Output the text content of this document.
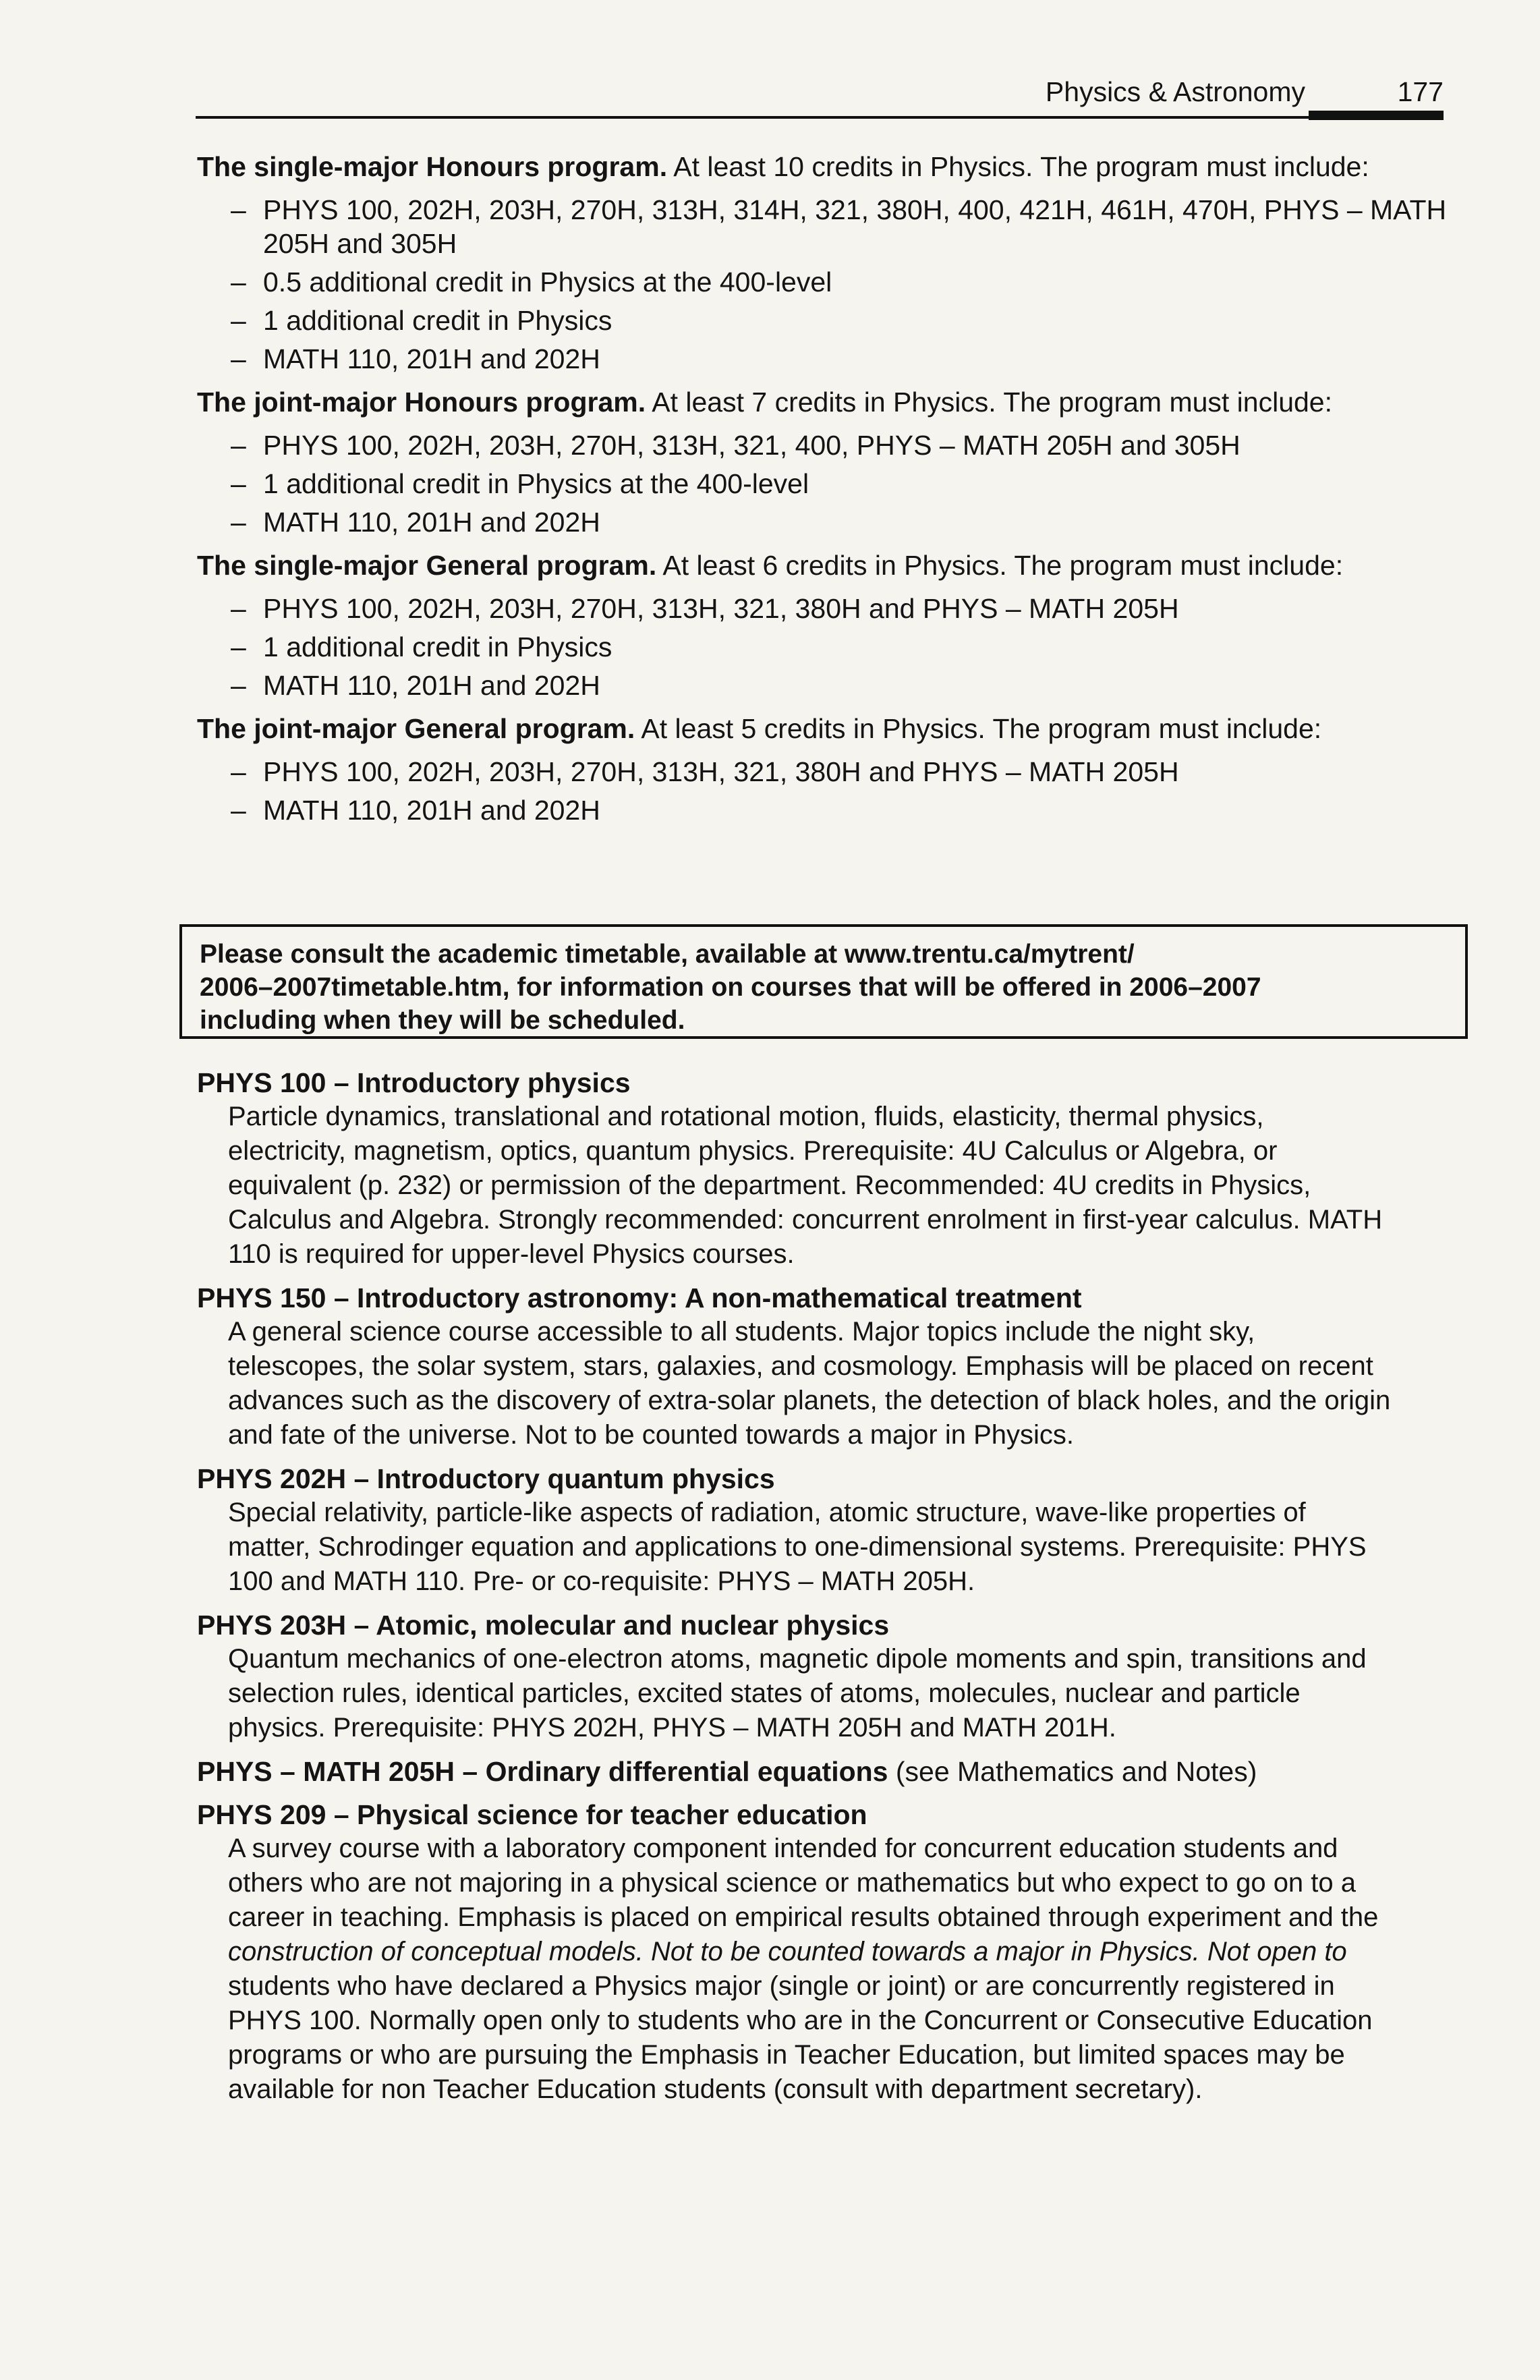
Physics & Astronomy	177
The single-major Honours program. At least 10 credits in Physics. The program must include:
– PHYS 100, 202H, 203H, 270H, 313H, 314H, 321, 380H, 400, 421H, 461H, 470H, PHYS – MATH 205H and 305H
– 0.5 additional credit in Physics at the 400-level
– 1 additional credit in Physics
– MATH 110, 201H and 202H
The joint-major Honours program. At least 7 credits in Physics. The program must include:
– PHYS 100, 202H, 203H, 270H, 313H, 321, 400, PHYS – MATH 205H and 305H
– 1 additional credit in Physics at the 400-level
– MATH 110, 201H and 202H
The single-major General program. At least 6 credits in Physics. The program must include:
– PHYS 100, 202H, 203H, 270H, 313H, 321, 380H and PHYS – MATH 205H
– 1 additional credit in Physics
– MATH 110, 201H and 202H
The joint-major General program. At least 5 credits in Physics. The program must include:
– PHYS 100, 202H, 203H, 270H, 313H, 321, 380H and PHYS – MATH 205H
– MATH 110, 201H and 202H
Please consult the academic timetable, available at www.trentu.ca/mytrent/
2006–2007timetable.htm, for information on courses that will be offered in 2006–2007
including when they will be scheduled.
PHYS 100 – Introductory physics
Particle dynamics, translational and rotational motion, fluids, elasticity, thermal physics,
electricity, magnetism, optics, quantum physics. Prerequisite: 4U Calculus or Algebra, or
equivalent (p. 232) or permission of the department. Recommended: 4U credits in Physics,
Calculus and Algebra. Strongly recommended: concurrent enrolment in first-year calculus. MATH
110 is required for upper-level Physics courses.
PHYS 150 – Introductory astronomy: A non-mathematical treatment
A general science course accessible to all students. Major topics include the night sky,
telescopes, the solar system, stars, galaxies, and cosmology. Emphasis will be placed on recent
advances such as the discovery of extra-solar planets, the detection of black holes, and the origin
and fate of the universe. Not to be counted towards a major in Physics.
PHYS 202H – Introductory quantum physics
Special relativity, particle-like aspects of radiation, atomic structure, wave-like properties of
matter, Schrodinger equation and applications to one-dimensional systems. Prerequisite: PHYS
100 and MATH 110. Pre- or co-requisite: PHYS – MATH 205H.
PHYS 203H – Atomic, molecular and nuclear physics
Quantum mechanics of one-electron atoms, magnetic dipole moments and spin, transitions and
selection rules, identical particles, excited states of atoms, molecules, nuclear and particle
physics. Prerequisite: PHYS 202H, PHYS – MATH 205H and MATH 201H.
PHYS – MATH 205H – Ordinary differential equations (see Mathematics and Notes)
PHYS 209 – Physical science for teacher education
A survey course with a laboratory component intended for concurrent education students and
others who are not majoring in a physical science or mathematics but who expect to go on to a
career in teaching. Emphasis is placed on empirical results obtained through experiment and the
construction of conceptual models. Not to be counted towards a major in Physics. Not open to
students who have declared a Physics major (single or joint) or are concurrently registered in
PHYS 100. Normally open only to students who are in the Concurrent or Consecutive Education
programs or who are pursuing the Emphasis in Teacher Education, but limited spaces may be
available for non Teacher Education students (consult with department secretary).
